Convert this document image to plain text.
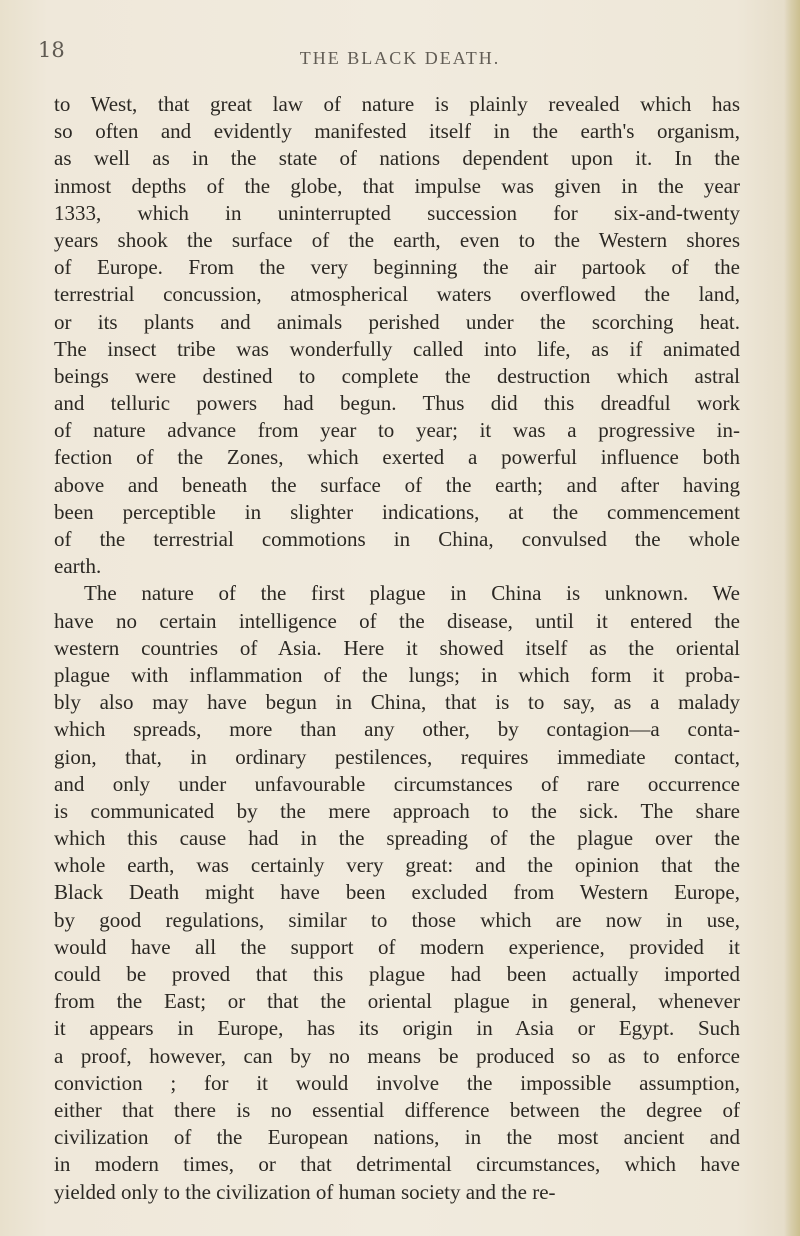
18	THE BLACK DEATH.
to West, that great law of nature is plainly revealed which has
so often and evidently manifested itself in the earth's organism,
as well as in the state of nations dependent upon it. In the
inmost depths of the globe, that impulse was given in the year
1333, which in uninterrupted succession for six-and-twenty
years shook the surface of the earth, even to the Western shores
of Europe. From the very beginning the air partook of the
terrestrial concussion, atmospherical waters overflowed the land,
or its plants and animals perished under the scorching heat.
The insect tribe was wonderfully called into life, as if animated
beings were destined to complete the destruction which astral
and telluric powers had begun. Thus did this dreadful work
of nature advance from year to year; it was a progressive in-
fection of the Zones, which exerted a powerful influence both
above and beneath the surface of the earth; and after having
been perceptible in slighter indications, at the commencement
of the terrestrial commotions in China, convulsed the whole
earth.
The nature of the first plague in China is unknown. We
have no certain intelligence of the disease, until it entered the
western countries of Asia. Here it showed itself as the oriental
plague with inflammation of the lungs; in which form it proba-
bly also may have begun in China, that is to say, as a malady
which spreads, more than any other, by contagion—a conta-
gion, that, in ordinary pestilences, requires immediate contact,
and only under unfavourable circumstances of rare occurrence
is communicated by the mere approach to the sick. The share
which this cause had in the spreading of the plague over the
whole earth, was certainly very great: and the opinion that the
Black Death might have been excluded from Western Europe,
by good regulations, similar to those which are now in use,
would have all the support of modern experience, provided it
could be proved that this plague had been actually imported
from the East; or that the oriental plague in general, whenever
it appears in Europe, has its origin in Asia or Egypt. Such
a proof, however, can by no means be produced so as to enforce
conviction ; for it would involve the impossible assumption,
either that there is no essential difference between the degree of
civilization of the European nations, in the most ancient and
in modern times, or that detrimental circumstances, which have
yielded only to the civilization of human society and the re-
